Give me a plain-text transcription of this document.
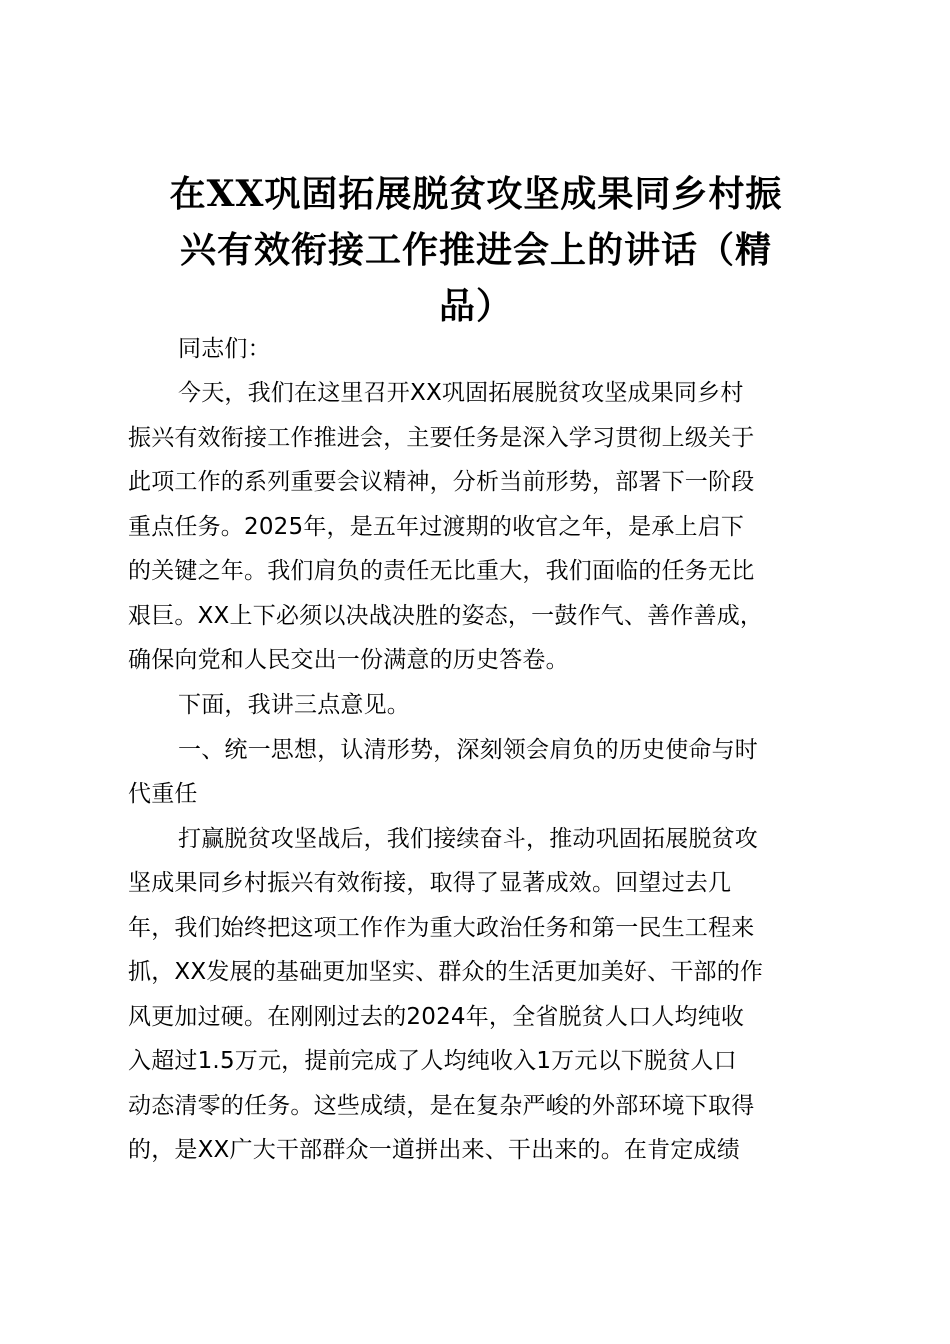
在XX巩固拓展脱贫攻坚成果同乡村振
兴有效衔接工作推进会上的讲话（精
品）

同志们：

今天，我们在这里召开XX巩固拓展脱贫攻坚成果同乡村

振兴有效衔接工作推进会，主要任务是深入学习贯彻上级关于

此项工作的系列重要会议精神，分析当前形势，部署下一阶段

重点任务。2025年，是五年过渡期的收官之年，是承上启下

的关键之年。我们肩负的责任无比重大，我们面临的任务无比

艰巨。XX上下必须以决战决胜的姿态，一鼓作气、善作善成，

确保向党和人民交出一份满意的历史答卷。

下面，我讲三点意见。

一、统一思想，认清形势，深刻领会肩负的历史使命与时

代重任

打赢脱贫攻坚战后，我们接续奋斗，推动巩固拓展脱贫攻

坚成果同乡村振兴有效衔接，取得了显著成效。回望过去几

年，我们始终把这项工作作为重大政治任务和第一民生工程来

抓，XX发展的基础更加坚实、群众的生活更加美好、干部的作

风更加过硬。在刚刚过去的2024年，全省脱贫人口人均纯收

入超过1.5万元，提前完成了人均纯收入1万元以下脱贫人口

动态清零的任务。这些成绩，是在复杂严峻的外部环境下取得

的，是XX广大干部群众一道拼出来、干出来的。在肯定成绩
